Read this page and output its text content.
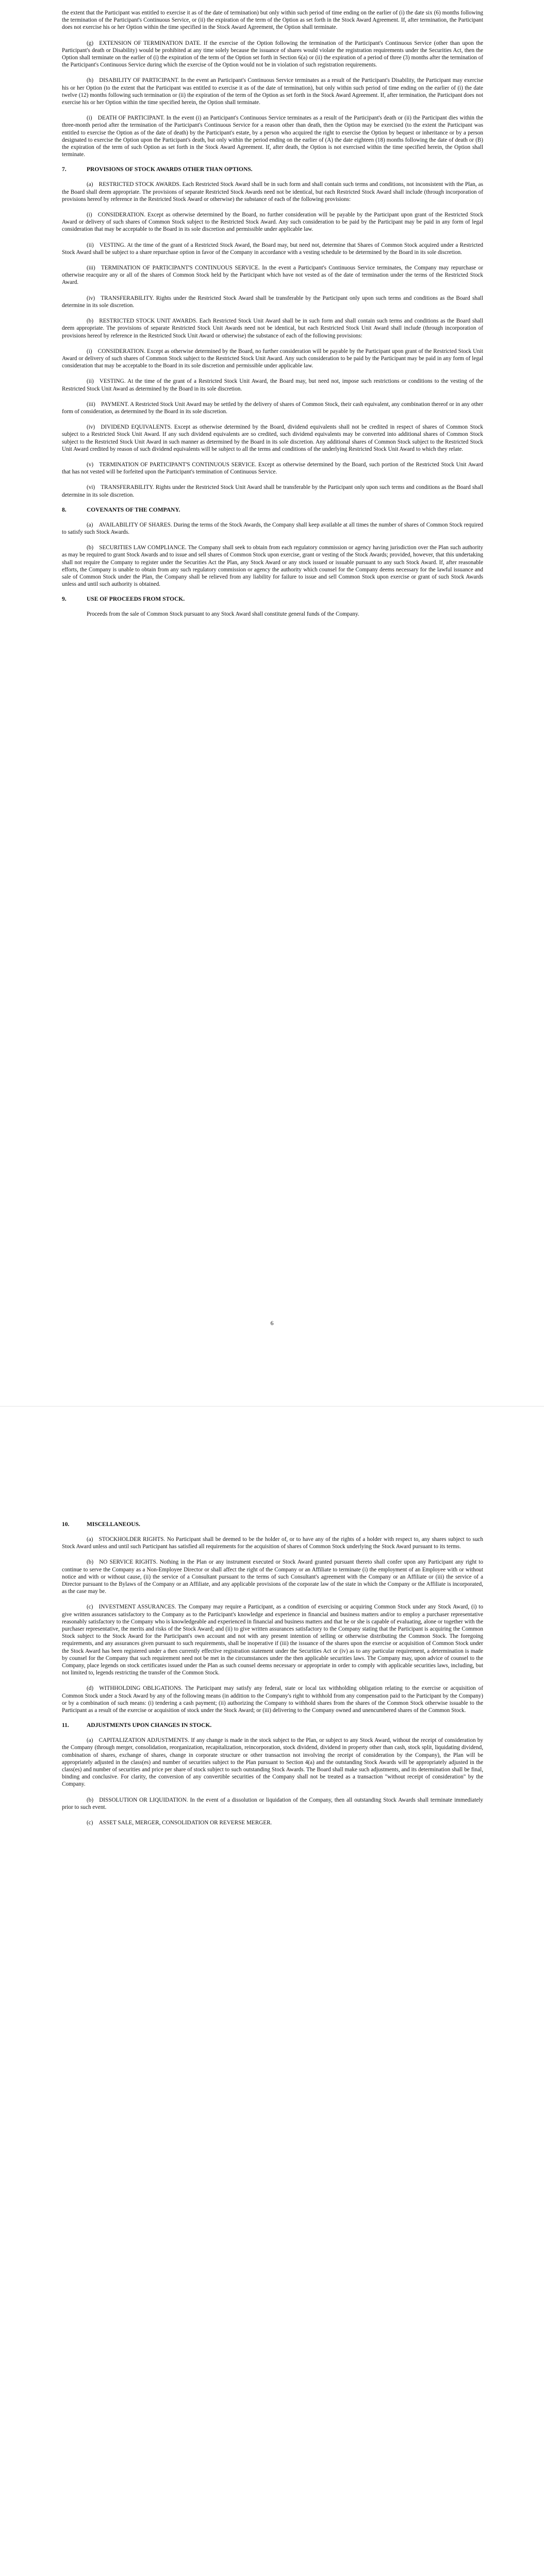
the extent that the Participant was entitled to exercise it as of the date of termination) but only within such period of time ending on the earlier of (i) the date six (6) months following the termination of the Participant's Continuous Service, or (ii) the expiration of the term of the Option as set forth in the Stock Award Agreement. If, after termination, the Participant does not exercise his or her Option within the time specified in the Stock Award Agreement, the Option shall terminate.

(g) EXTENSION OF TERMINATION DATE. If the exercise of the Option following the termination of the Participant's Continuous Service (other than upon the Participant's death or Disability) would be prohibited at any time solely because the issuance of shares would violate the registration requirements under the Securities Act, then the Option shall terminate on the earlier of (i) the expiration of the term of the Option set forth in Section 6(a) or (ii) the expiration of a period of three (3) months after the termination of the Participant's Continuous Service during which the exercise of the Option would not be in violation of such registration requirements.

(h) DISABILITY OF PARTICIPANT. In the event an Participant's Continuous Service terminates as a result of the Participant's Disability, the Participant may exercise his or her Option (to the extent that the Participant was entitled to exercise it as of the date of termination), but only within such period of time ending on the earlier of (i) the date twelve (12) months following such termination or (ii) the expiration of the term of the Option as set forth in the Stock Award Agreement. If, after termination, the Participant does not exercise his or her Option within the time specified herein, the Option shall terminate.

(i) DEATH OF PARTICIPANT. In the event (i) an Participant's Continuous Service terminates as a result of the Participant's death or (ii) the Participant dies within the three-month period after the termination of the Participant's Continuous Service for a reason other than death, then the Option may be exercised (to the extent the Participant was entitled to exercise the Option as of the date of death) by the Participant's estate, by a person who acquired the right to exercise the Option by bequest or inheritance or by a person designated to exercise the Option upon the Participant's death, but only within the period ending on the earlier of (A) the date eighteen (18) months following the date of death or (B) the expiration of the term of such Option as set forth in the Stock Award Agreement. If, after death, the Option is not exercised within the time specified herein, the Option shall terminate.

7.	PROVISIONS OF STOCK AWARDS OTHER THAN OPTIONS.

(a) RESTRICTED STOCK AWARDS. Each Restricted Stock Award shall be in such form and shall contain such terms and conditions, not inconsistent with the Plan, as the Board shall deem appropriate. The provisions of separate Restricted Stock Awards need not be identical, but each Restricted Stock Award shall include (through incorporation of provisions hereof by reference in the Restricted Stock Award or otherwise) the substance of each of the following provisions:

(i) CONSIDERATION. Except as otherwise determined by the Board, no further consideration will be payable by the Participant upon grant of the Restricted Stock Award or delivery of such shares of Common Stock subject to the Restricted Stock Award. Any such consideration to be paid by the Participant may be paid in any form of legal consideration that may be acceptable to the Board in its sole discretion and permissible under applicable law.

(ii) VESTING. At the time of the grant of a Restricted Stock Award, the Board may, but need not, determine that Shares of Common Stock acquired under a Restricted Stock Award shall be subject to a share repurchase option in favor of the Company in accordance with a vesting schedule to be determined by the Board in its sole discretion.

(iii) TERMINATION OF PARTICIPANT'S CONTINUOUS SERVICE. In the event a Participant's Continuous Service terminates, the Company may repurchase or otherwise reacquire any or all of the shares of Common Stock held by the Participant which have not vested as of the date of termination under the terms of the Restricted Stock Award.

(iv) TRANSFERABILITY. Rights under the Restricted Stock Award shall be transferable by the Participant only upon such terms and conditions as the Board shall determine in its sole discretion.

(b) RESTRICTED STOCK UNIT AWARDS. Each Restricted Stock Unit Award shall be in such form and shall contain such terms and conditions as the Board shall deem appropriate. The provisions of separate Restricted Stock Unit Awards need not be identical, but each Restricted Stock Unit Award shall include (through incorporation of provisions hereof by reference in the Restricted Stock Unit Award or otherwise) the substance of each of the following provisions:

(i) CONSIDERATION. Except as otherwise determined by the Board, no further consideration will be payable by the Participant upon grant of the Restricted Stock Unit Award or delivery of such shares of Common Stock subject to the Restricted Stock Unit Award. Any such consideration to be paid by the Participant may be paid in any form of legal consideration that may be acceptable to the Board in its sole discretion and permissible under applicable law.

(ii) VESTING. At the time of the grant of a Restricted Stock Unit Award, the Board may, but need not, impose such restrictions or conditions to the vesting of the Restricted Stock Unit Award as determined by the Board in its sole discretion.

(iii) PAYMENT. A Restricted Stock Unit Award may be settled by the delivery of shares of Common Stock, their cash equivalent, any combination thereof or in any other form of consideration, as determined by the Board in its sole discretion.

(iv) DIVIDEND EQUIVALENTS. Except as otherwise determined by the Board, dividend equivalents shall not be credited in respect of shares of Common Stock subject to a Restricted Stock Unit Award. If any such dividend equivalents are so credited, such dividend equivalents may be converted into additional shares of Common Stock subject to the Restricted Stock Unit Award in such manner as determined by the Board in its sole discretion. Any additional shares of Common Stock subject to the Restricted Stock Unit Award credited by reason of such dividend equivalents will be subject to all the terms and conditions of the underlying Restricted Stock Unit Award to which they relate.

(v) TERMINATION OF PARTICIPANT'S CONTINUOUS SERVICE. Except as otherwise determined by the Board, such portion of the Restricted Stock Unit Award that has not vested will be forfeited upon the Participant's termination of Continuous Service.

(vi) TRANSFERABILITY. Rights under the Restricted Stock Unit Award shall be transferable by the Participant only upon such terms and conditions as the Board shall determine in its sole discretion.

8.	COVENANTS OF THE COMPANY.

(a) AVAILABILITY OF SHARES. During the terms of the Stock Awards, the Company shall keep available at all times the number of shares of Common Stock required to satisfy such Stock Awards.

(b) SECURITIES LAW COMPLIANCE. The Company shall seek to obtain from each regulatory commission or agency having jurisdiction over the Plan such authority as may be required to grant Stock Awards and to issue and sell shares of Common Stock upon exercise, grant or vesting of the Stock Awards; provided, however, that this undertaking shall not require the Company to register under the Securities Act the Plan, any Stock Award or any stock issued or issuable pursuant to any such Stock Award. If, after reasonable efforts, the Company is unable to obtain from any such regulatory commission or agency the authority which counsel for the Company deems necessary for the lawful issuance and sale of Common Stock under the Plan, the Company shall be relieved from any liability for failure to issue and sell Common Stock upon exercise or grant of such Stock Awards unless and until such authority is obtained.

9.	USE OF PROCEEDS FROM STOCK.

Proceeds from the sale of Common Stock pursuant to any Stock Award shall constitute general funds of the Company.

6
10.	MISCELLANEOUS.

(a) STOCKHOLDER RIGHTS. No Participant shall be deemed to be the holder of, or to have any of the rights of a holder with respect to, any shares subject to such Stock Award unless and until such Participant has satisfied all requirements for the acquisition of shares of Common Stock underlying the Stock Award pursuant to its terms.

(b) NO SERVICE RIGHTS. Nothing in the Plan or any instrument executed or Stock Award granted pursuant thereto shall confer upon any Participant any right to continue to serve the Company as a Non-Employee Director or shall affect the right of the Company or an Affiliate to terminate (i) the employment of an Employee with or without notice and with or without cause, (ii) the service of a Consultant pursuant to the terms of such Consultant's agreement with the Company or an Affiliate or (iii) the service of a Director pursuant to the Bylaws of the Company or an Affiliate, and any applicable provisions of the corporate law of the state in which the Company or the Affiliate is incorporated, as the case may be.

(c) INVESTMENT ASSURANCES. The Company may require a Participant, as a condition of exercising or acquiring Common Stock under any Stock Award, (i) to give written assurances satisfactory to the Company as to the Participant's knowledge and experience in financial and business matters and/or to employ a purchaser representative reasonably satisfactory to the Company who is knowledgeable and experienced in financial and business matters and that he or she is capable of evaluating, alone or together with the purchaser representative, the merits and risks of the Stock Award; and (ii) to give written assurances satisfactory to the Company stating that the Participant is acquiring the Common Stock subject to the Stock Award for the Participant's own account and not with any present intention of selling or otherwise distributing the Common Stock. The foregoing requirements, and any assurances given pursuant to such requirements, shall be inoperative if (iii) the issuance of the shares upon the exercise or acquisition of Common Stock under the Stock Award has been registered under a then currently effective registration statement under the Securities Act or (iv) as to any particular requirement, a determination is made by counsel for the Company that such requirement need not be met in the circumstances under the then applicable securities laws. The Company may, upon advice of counsel to the Company, place legends on stock certificates issued under the Plan as such counsel deems necessary or appropriate in order to comply with applicable securities laws, including, but not limited to, legends restricting the transfer of the Common Stock.

(d) WITHHOLDING OBLIGATIONS. The Participant may satisfy any federal, state or local tax withholding obligation relating to the exercise or acquisition of Common Stock under a Stock Award by any of the following means (in addition to the Company's right to withhold from any compensation paid to the Participant by the Company) or by a combination of such means: (i) tendering a cash payment; (ii) authorizing the Company to withhold shares from the shares of the Common Stock otherwise issuable to the Participant as a result of the exercise or acquisition of stock under the Stock Award; or (iii) delivering to the Company owned and unencumbered shares of the Common Stock.

11.	ADJUSTMENTS UPON CHANGES IN STOCK.

(a) CAPITALIZATION ADJUSTMENTS. If any change is made in the stock subject to the Plan, or subject to any Stock Award, without the receipt of consideration by the Company (through merger, consolidation, reorganization, recapitalization, reincorporation, stock dividend, dividend in property other than cash, stock split, liquidating dividend, combination of shares, exchange of shares, change in corporate structure or other transaction not involving the receipt of consideration by the Company), the Plan will be appropriately adjusted in the class(es) and number of securities subject to the Plan pursuant to Section 4(a) and the outstanding Stock Awards will be appropriately adjusted in the class(es) and number of securities and price per share of stock subject to such outstanding Stock Awards. The Board shall make such adjustments, and its determination shall be final, binding and conclusive. For clarity, the conversion of any convertible securities of the Company shall not be treated as a transaction "without receipt of consideration" by the Company.

(b) DISSOLUTION OR LIQUIDATION. In the event of a dissolution or liquidation of the Company, then all outstanding Stock Awards shall terminate immediately prior to such event.

(c) ASSET SALE, MERGER, CONSOLIDATION OR REVERSE MERGER.
